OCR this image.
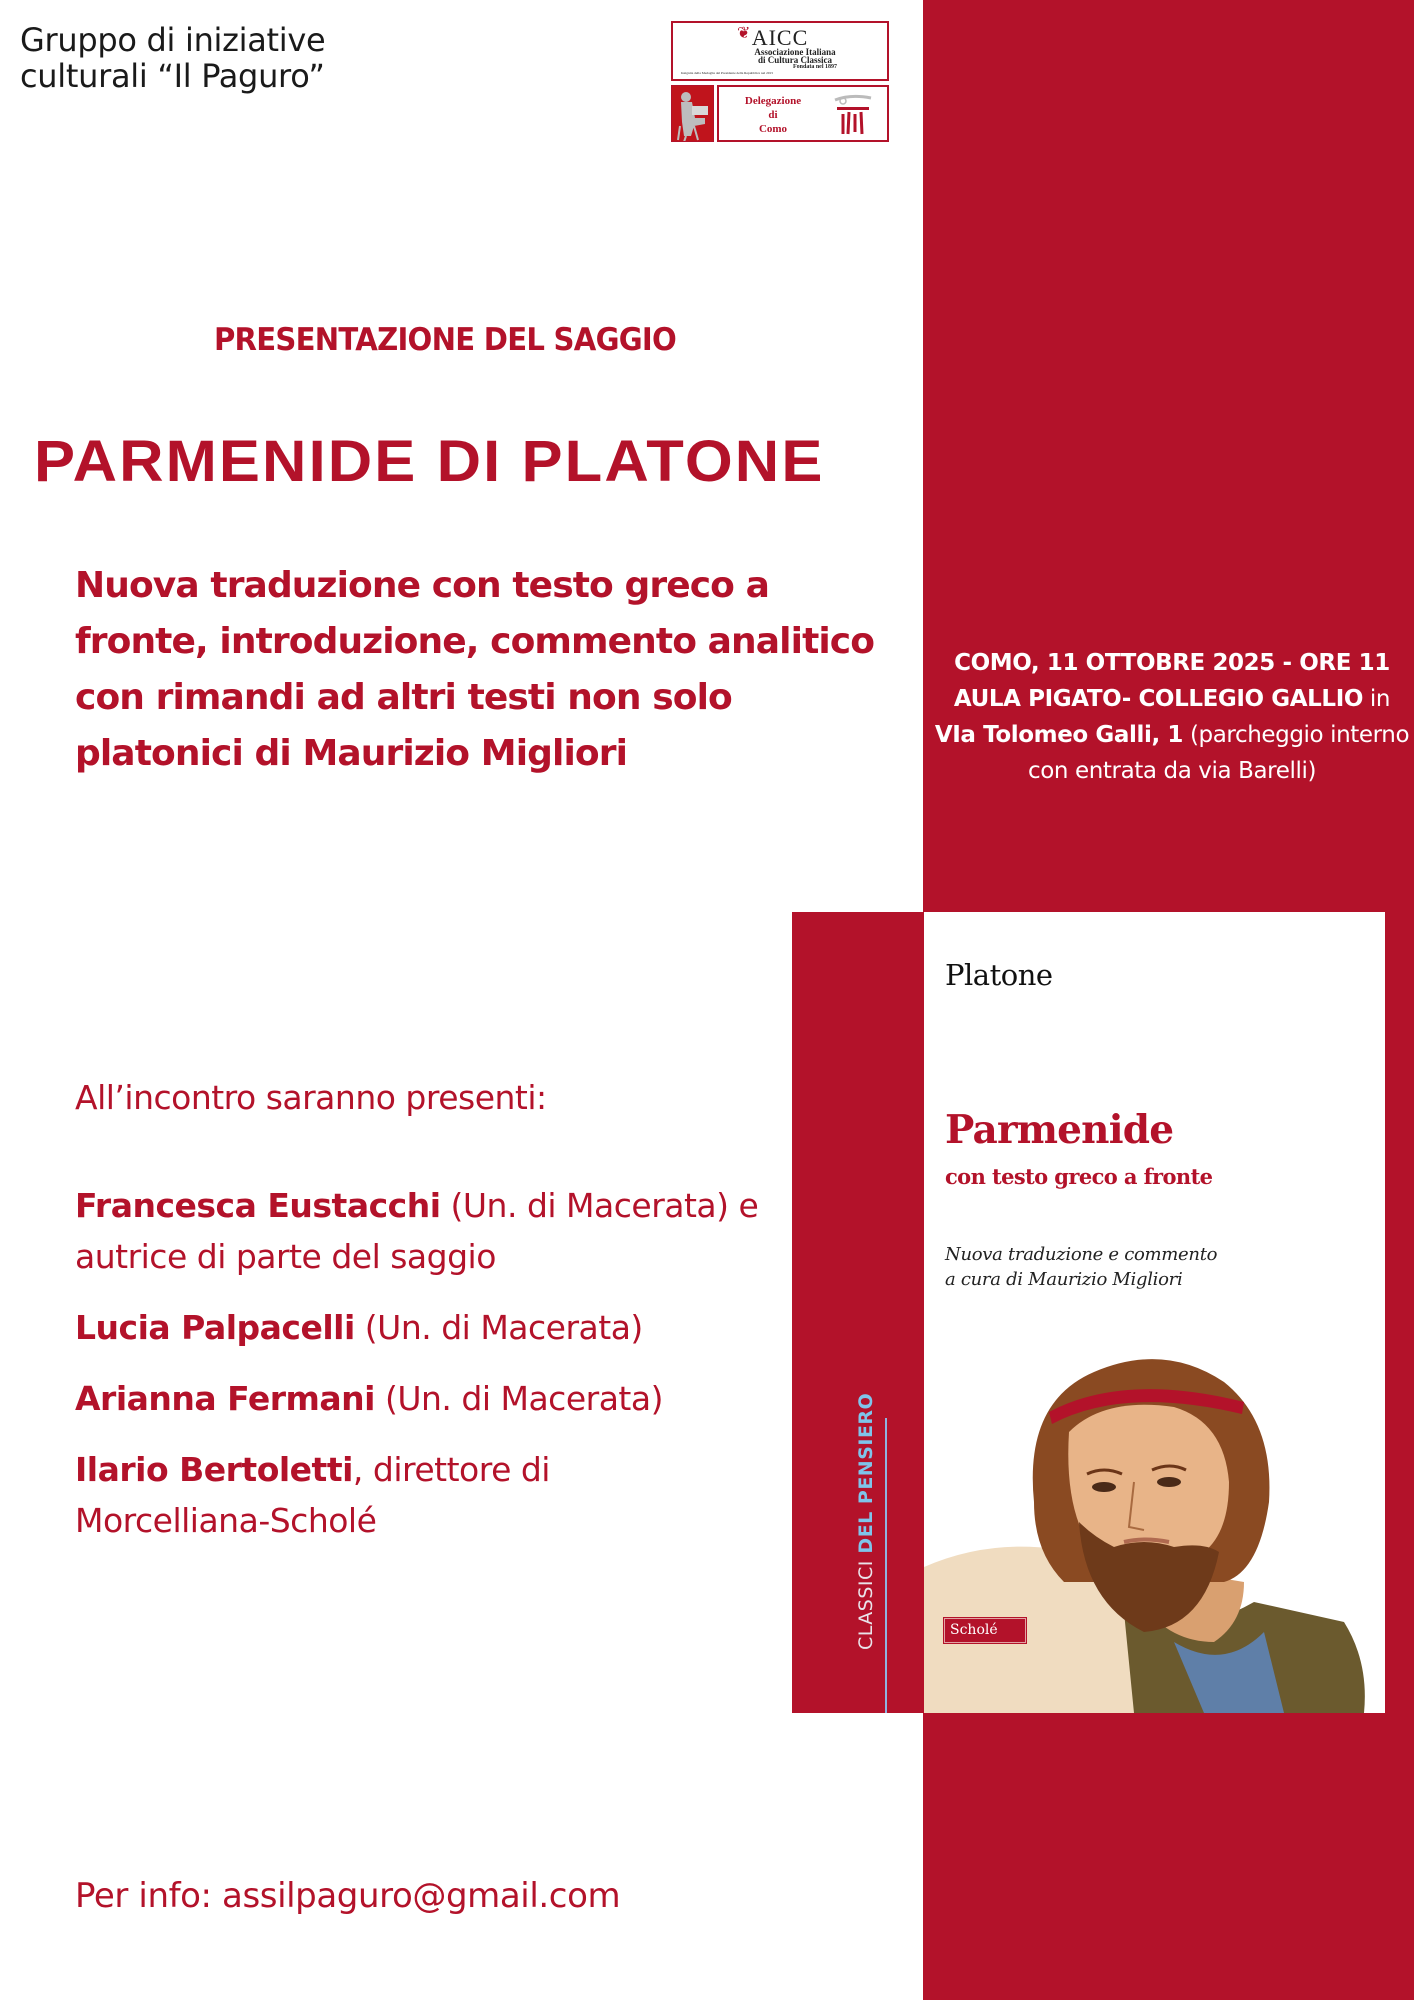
Gruppo di iniziative
culturali “Il Paguro”
❦ AICC
Associazione Italiana
di Cultura Classica
Fondata nel 1897
Insignita della Medaglia del Presidente della Repubblica nel 2015
Delegazione
di
Como
PRESENTAZIONE DEL SAGGIO
PARMENIDE DI PLATONE
Nuova traduzione con testo greco a fronte, introduzione, commento analitico con rimandi ad altri testi non solo platonici di Maurizio Migliori
COMO, 11 OTTOBRE 2025 - ORE 11
AULA PIGATO- COLLEGIO GALLIO in
VIa Tolomeo Galli, 1 (parcheggio interno con entrata da via Barelli)
All’incontro saranno presenti:
Francesca Eustacchi (Un. di Macerata) e autrice di parte del saggio
Lucia Palpacelli (Un. di Macerata)
Arianna Fermani (Un. di Macerata)
Ilario Bertoletti, direttore di Morcelliana-Scholé
Per info: assilpaguro@gmail.com
CLASSICI DEL PENSIERO
Platone
Parmenide
con testo greco a fronte
Nuova traduzione e commento
a cura di Maurizio Migliori
Scholé
